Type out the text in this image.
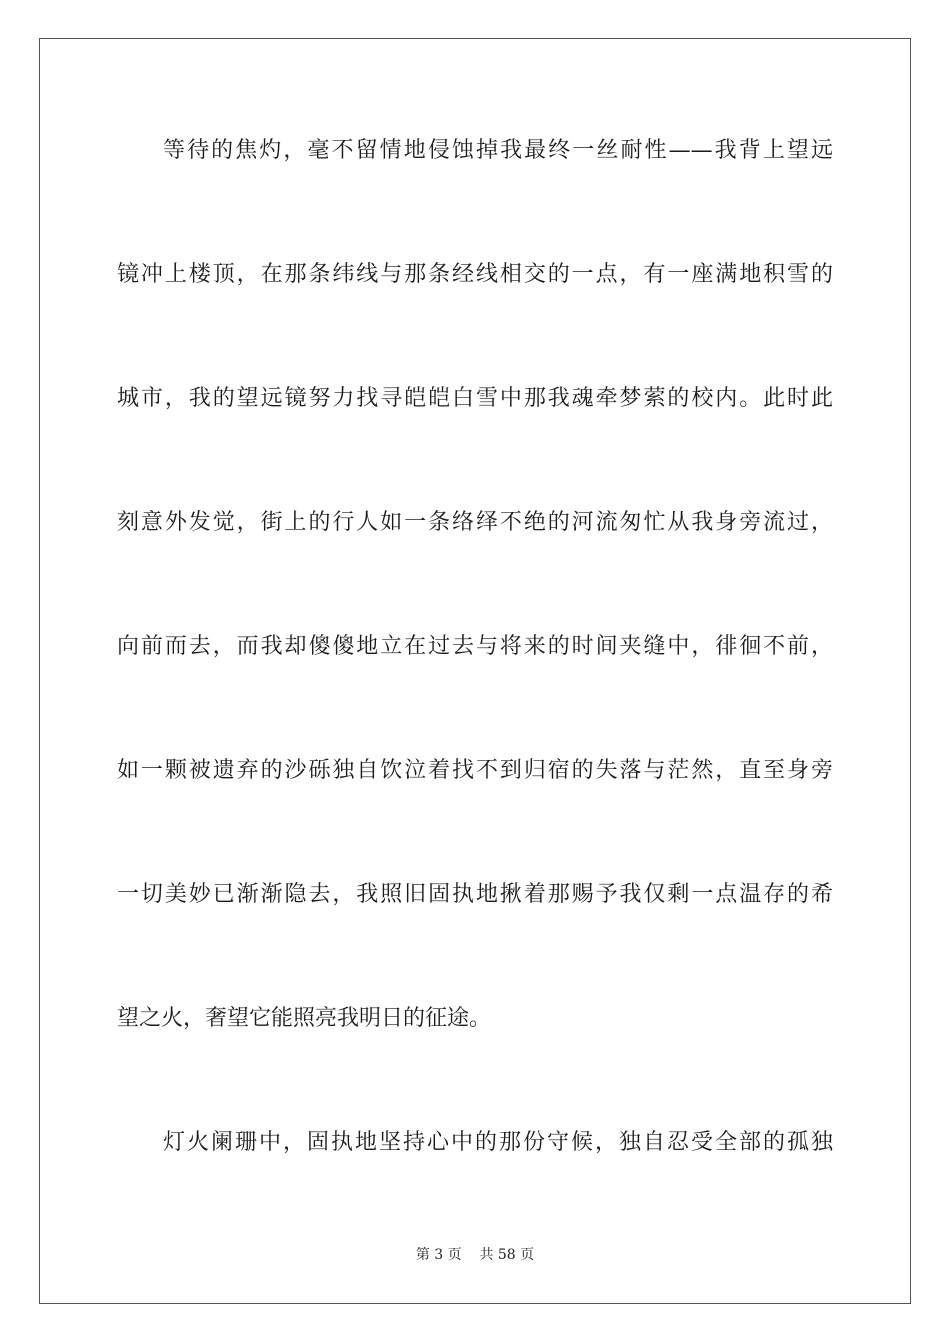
等待的焦灼，毫不留情地侵蚀掉我最终一丝耐性——我背上望远
镜冲上楼顶，在那条纬线与那条经线相交的一点，有一座满地积雪的
城市，我的望远镜努力找寻皑皑白雪中那我魂牵梦萦的校内。此时此
刻意外发觉，街上的行人如一条络绎不绝的河流匆忙从我身旁流过，
向前而去，而我却傻傻地立在过去与将来的时间夹缝中，徘徊不前，
如一颗被遗弃的沙砾独自饮泣着找不到归宿的失落与茫然，直至身旁
一切美妙已渐渐隐去，我照旧固执地揪着那赐予我仅剩一点温存的希
望之火，奢望它能照亮我明日的征途。
灯火阑珊中，固执地坚持心中的那份守候，独自忍受全部的孤独
第 3 页 共 58 页
